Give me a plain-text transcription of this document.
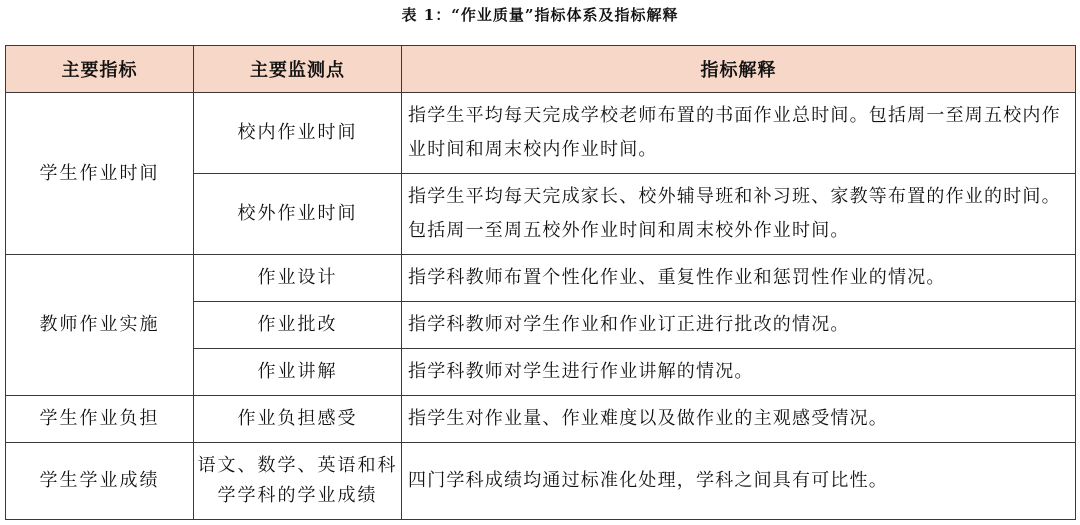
表 1：“作业质量”指标体系及指标解释
主要指标	主要监测点	指标解释
学生作业时间	校内作业时间	指学生平均每天完成学校老师布置的书面作业总时间。包括周一至周五校内作业时间和周末校内作业时间。
	校外作业时间	指学生平均每天完成家长、校外辅导班和补习班、家教等布置的作业的时间。包括周一至周五校外作业时间和周末校外作业时间。
教师作业实施	作业设计	指学科教师布置个性化作业、重复性作业和惩罚性作业的情况。
	作业批改	指学科教师对学生作业和作业订正进行批改的情况。
	作业讲解	指学科教师对学生进行作业讲解的情况。
学生作业负担	作业负担感受	指学生对作业量、作业难度以及做作业的主观感受情况。
学生学业成绩	语文、数学、英语和科学学科的学业成绩	四门学科成绩均通过标准化处理，学科之间具有可比性。
